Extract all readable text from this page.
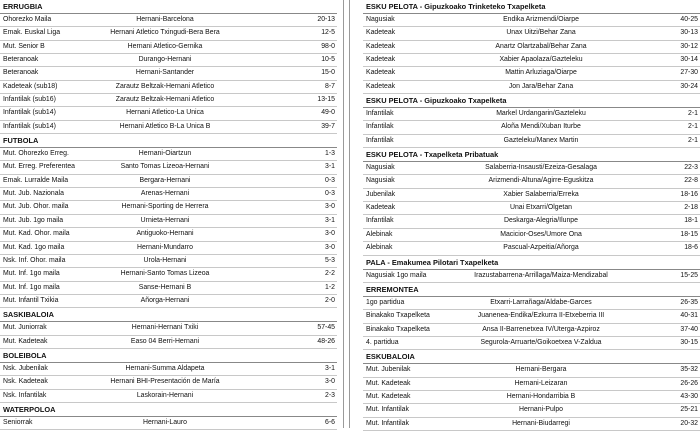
ERRUGBIA
Ohorezko Maila	Hernani-Barcelona	20-13
Emak. Euskal Liga	Hernani Atletico Txingudi-Bera Bera	12-5
Mut. Senior B	Hernani Atletico-Gernika	98-0
Beteranoak	Durango-Hernani	10-5
Beteranoak	Hernani-Santander	15-0
Kadeteak (sub18)	Zarautz Beltzak-Hernani Atletico	8-7
Infantilak (sub16)	Zarautz Beltzak-Hernani Atletico	13-15
Infantilak (sub14)	Hernani Atletico-La Unica	49-0
Infantilak (sub14)	Hernani Atletico B-La Unica B	39-7
FUTBOLA
Mut. Ohorezko Erreg.	Hernani-Oiartzun	1-3
Mut. Erreg. Preferentea	Santo Tomas Lizeoa-Hernani	3-1
Emak. Lurralde Maila	Bergara-Hernani	0-3
Mut. Jub. Nazionala	Arenas-Hernani	0-3
Mut. Jub. Ohor. maila	Hernani-Sporting de Herrera	3-0
Mut. Jub. 1go maila	Urnieta-Hernani	3-1
Mut. Kad. Ohor. maila	Antiguoko-Hernani	3-0
Mut. Kad. 1go maila	Hernani-Mundarro	3-0
Nsk. Inf. Ohor. maila	Urola-Hernani	5-3
Mut. Inf. 1go maila	Hernani-Santo Tomas Lizeoa	2-2
Mut. Inf. 1go maila	Sanse-Hernani B	1-2
Mut. Infantil Txikia	Añorga-Hernani	2-0
SASKIBALOIA
Mut. Juniorrak	Hernani-Hernani Txiki	57-45
Mut. Kadeteak	Easo 04 Berri-Hernani	48-26
BOLEIBOLA
Nsk. Jubenilak	Hernani-Summa Aldapeta	3-1
Nsk. Kadeteak	Hernani BHI-Presentación de María	3-0
Nsk. Infantilak	Laskorain-Hernani	2-3
WATERPOLOA
Seniorrak	Hernani-Lauro	6-6
ESKU PELOTA - Gipuzkoako Trinketeko Txapelketa
Nagusiak	Endika Arizmendi/Oiarpe	40-25
Kadeteak	Unax Uitzi/Behar Zana	30-13
Kadeteak	Anartz Olartzabal/Behar Zana	30-12
Kadeteak	Xabier Apaolaza/Gazteleku	30-14
Kadeteak	Mattin Arluziaga/Oiarpe	27-30
Kadeteak	Jon Jara/Behar Zana	30-24
ESKU PELOTA - Gipuzkoako Txapelketa
Infantilak	Markel Urdangarin/Gazteleku	2-1
Infantilak	Aloña Mendi/Xuban Iturbe	2-1
Infantilak	Gazteleku/Manex Martin	2-1
ESKU PELOTA - Txapelketa Pribatuak
Nagusiak	Salaberria-Insausti/Ezeiza-Gesalaga	22-3
Nagusiak	Arizmendi-Altuna/Agirre-Eguskitza	22-8
Jubenilak	Xabier Salaberria/Erreka	18-16
Kadeteak	Unai Etxarri/Olgetan	2-18
Infantilak	Deskarga-Alegria/Ilunpe	18-1
Alebinak	Macicior-Oses/Umore Ona	18-15
Alebinak	Pascual-Azpeitia/Añorga	18-6
PALA - Emakumea Pilotari Txapelketa
Nagusiak 1go maila	Irazustabarrena-Arrillaga/Maiza-Mendizabal	15-25
ERREMONTEA
1go partidua	Etxarri-Larrañaga/Aldabe-Garces	26-35
Binakako Txapelketa	Juanenea-Endika/Ezkurra II-Etxeberria III	40-31
Binakako Txapelketa	Ansa II-Barrenetxea IV/Uterga-Azpiroz	37-40
4. partidua	Segurola-Arruarte/Goikoetxea V-Zaldua	30-15
ESKUBALOIA
Mut. Jubenilak	Hernani-Bergara	35-32
Mut. Kadeteak	Hernani-Leizaran	26-26
Mut. Kadeteak	Hernani-Hondarribia B	43-30
Mut. Infantilak	Hernani-Pulpo	25-21
Mut. Infantilak	Hernani-Biudarregi	20-32
